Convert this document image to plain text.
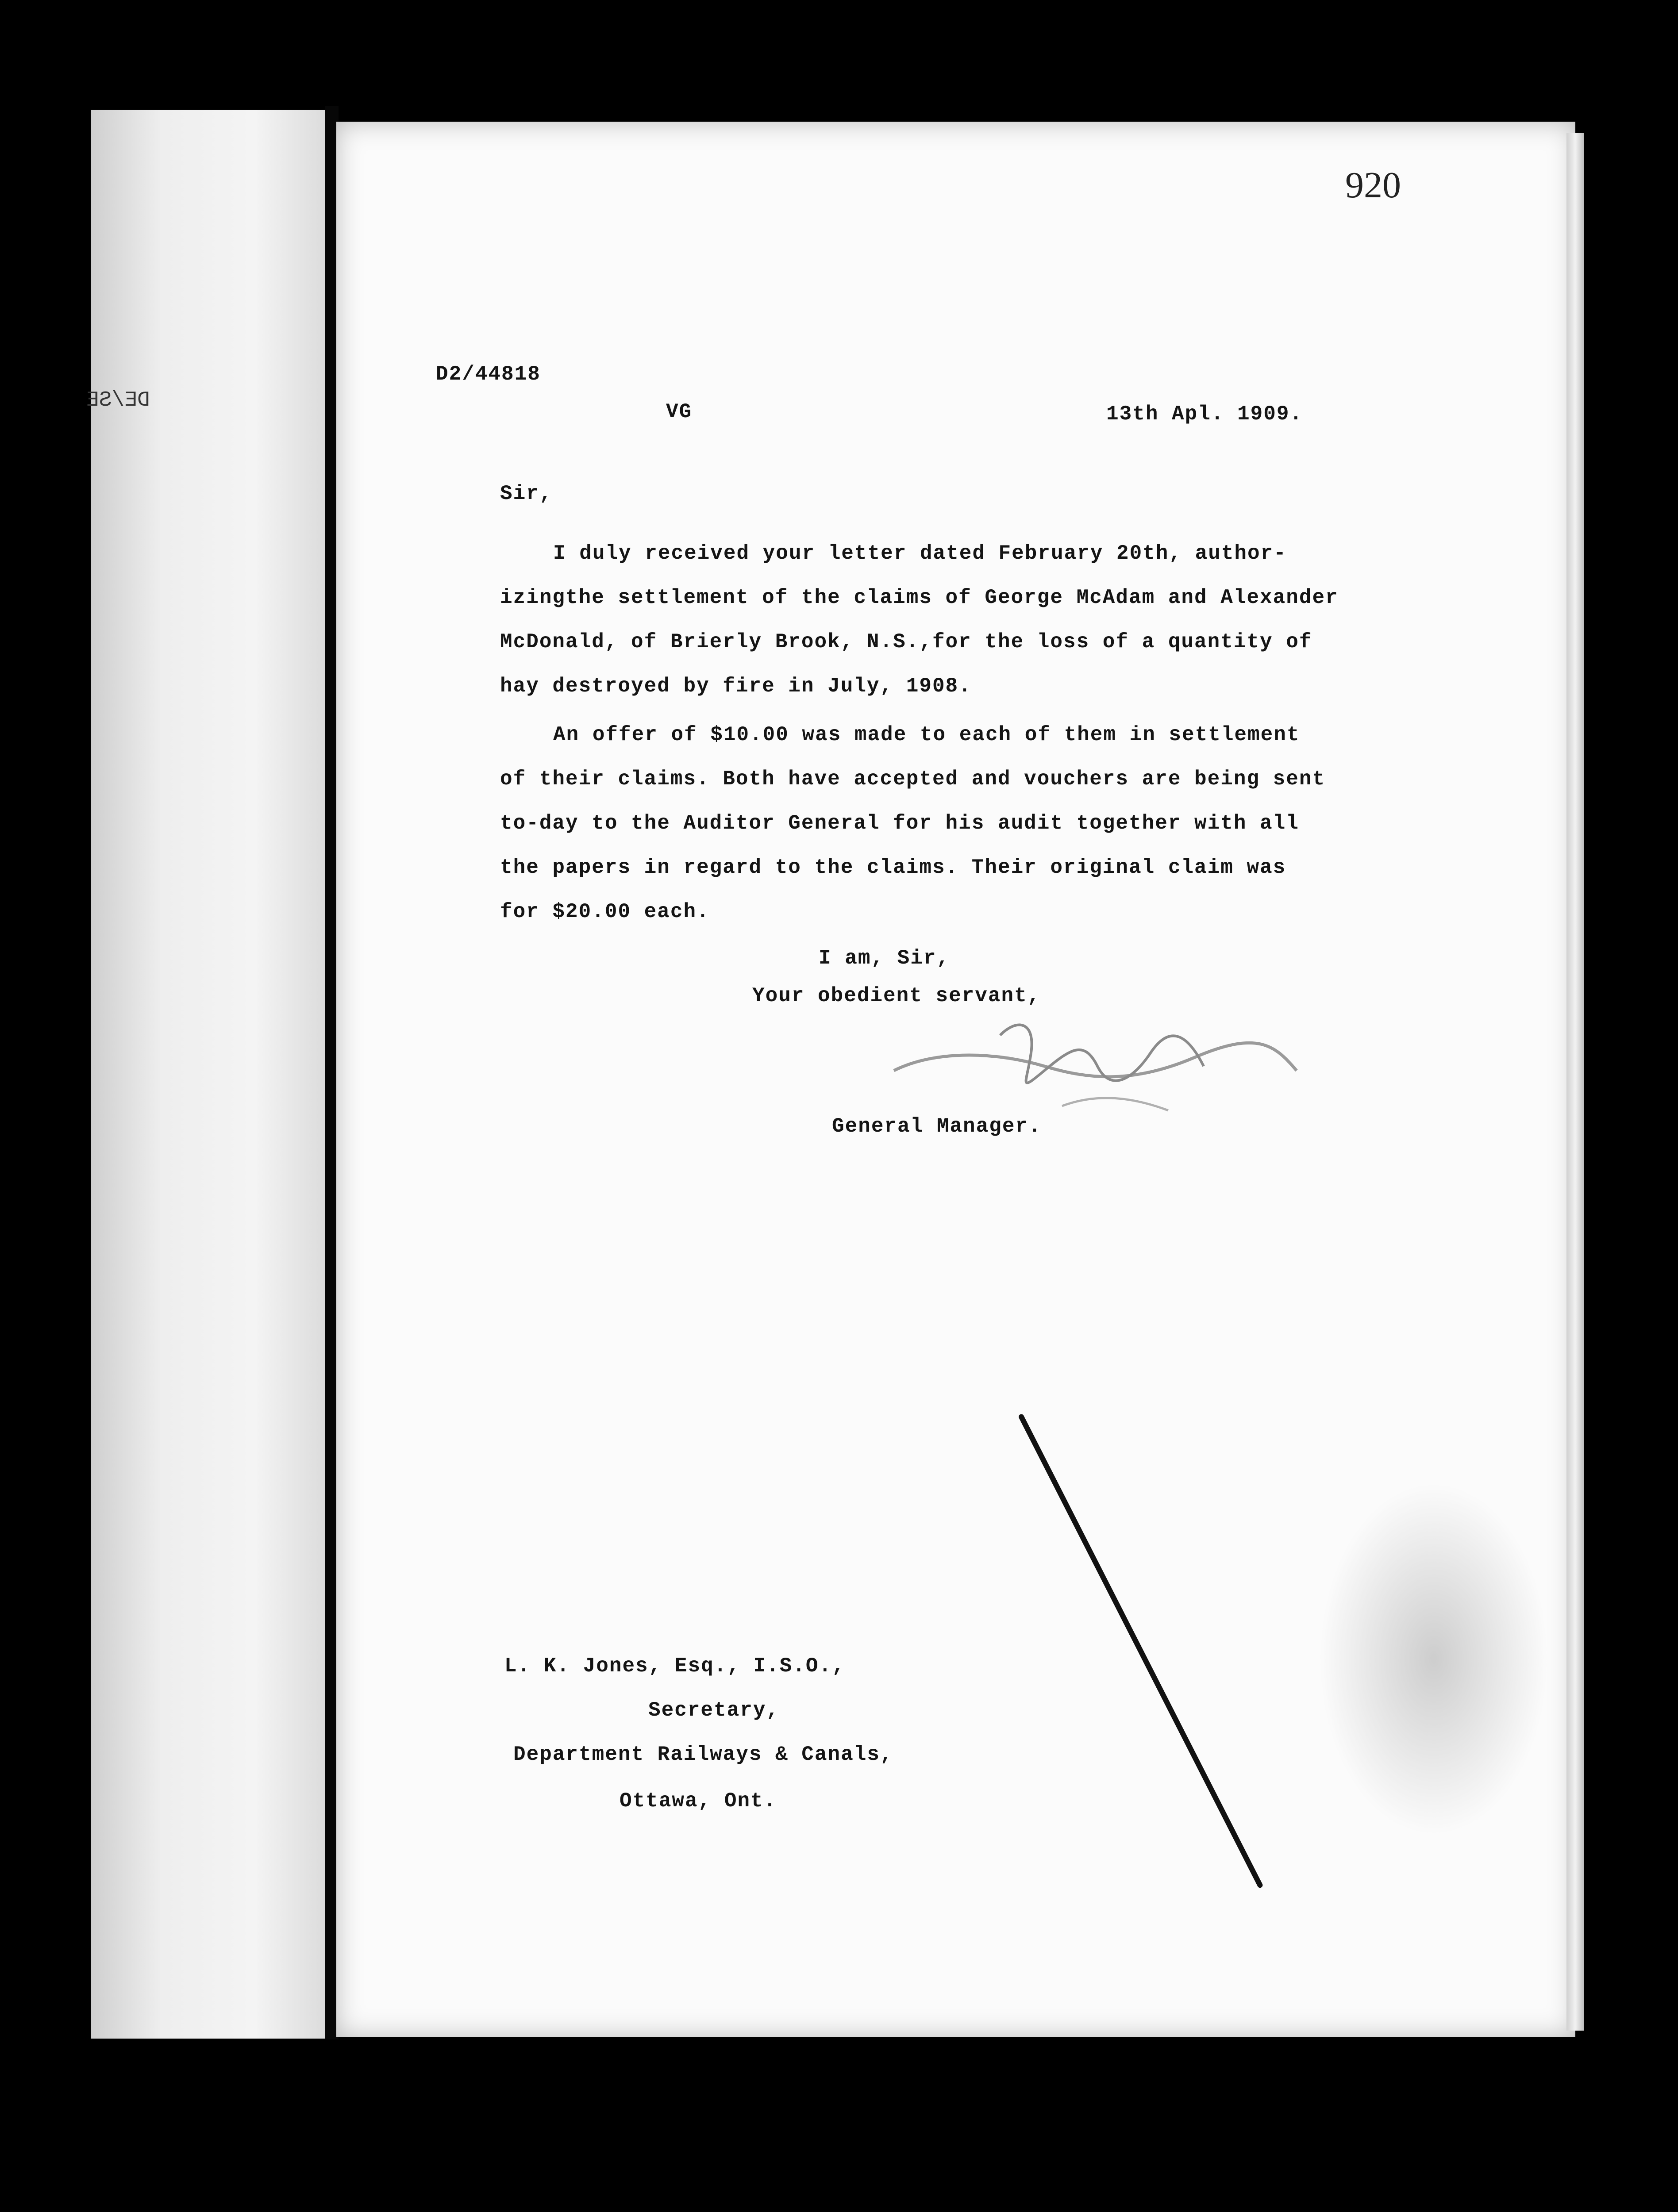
DE/SE
920
D2/44818
VG	13th Apl. 1909.
Sir,
I duly received your letter dated February 20th, author-
izingthe settlement of the claims of George McAdam and Alexander
McDonald, of Brierly Brook, N.S.,for the loss of a quantity of
hay destroyed by fire in July, 1908.
An offer of $10.00 was made to each of them in settlement
of their claims. Both have accepted and vouchers are being sent
to-day to the Auditor General for his audit together with all
the papers in regard to the claims. Their original claim was
for $20.00 each.
I am, Sir,
Your obedient servant,
General Manager.
L. K. Jones, Esq., I.S.O.,
Secretary,
Department Railways & Canals,
Ottawa, Ont.
